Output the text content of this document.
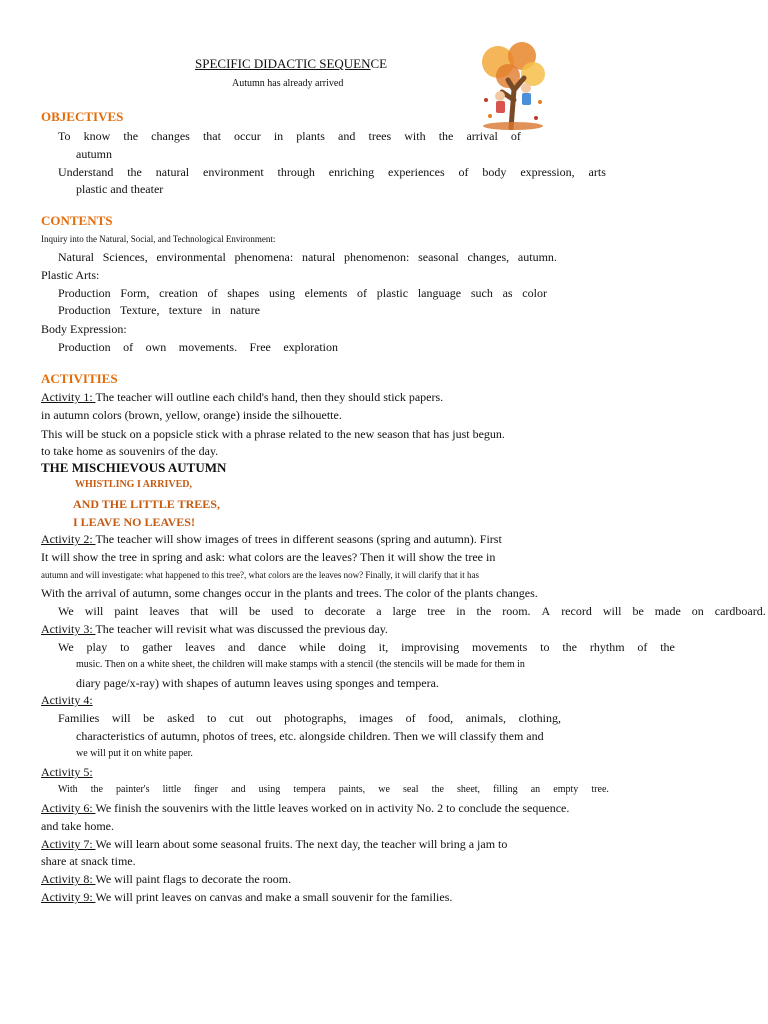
SPECIFIC DIDACTIC SEQUENCE
Autumn has already arrived
OBJECTIVES
To know the changes that occur in plants and trees with the arrival of
autumn
Understand the natural environment through enriching experiences of body expression, arts
plastic and theater
CONTENTS
Inquiry into the Natural, Social, and Technological Environment:
Natural Sciences, environmental phenomena: natural phenomenon: seasonal changes, autumn.
Plastic Arts:
Production Form, creation of shapes using elements of plastic language such as color
Production Texture, texture in nature
Body Expression:
Production of own movements. Free exploration
ACTIVITIES
Activity 1: The teacher will outline each child's hand, then they should stick papers.
in autumn colors (brown, yellow, orange) inside the silhouette.
This will be stuck on a popsicle stick with a phrase related to the new season that has just begun.
to take home as souvenirs of the day.
THE MISCHIEVOUS AUTUMN
WHISTLING I ARRIVED,
AND THE LITTLE TREES,
I LEAVE NO LEAVES!
Activity 2: The teacher will show images of trees in different seasons (spring and autumn). First
It will show the tree in spring and ask: what colors are the leaves? Then it will show the tree in
autumn and will investigate: what happened to this tree?, what colors are the leaves now? Finally, it will clarify that it has
With the arrival of autumn, some changes occur in the plants and trees. The color of the plants changes.
We will paint leaves that will be used to decorate a large tree in the room. A record will be made on cardboard.
Activity 3: The teacher will revisit what was discussed the previous day.
We play to gather leaves and dance while doing it, improvising movements to the rhythm of the
music. Then on a white sheet, the children will make stamps with a stencil (the stencils will be made for them in
diary page/x-ray) with shapes of autumn leaves using sponges and tempera.
Activity 4:
Families will be asked to cut out photographs, images of food, animals, clothing,
characteristics of autumn, photos of trees, etc. alongside children. Then we will classify them and
we will put it on white paper.
Activity 5:
With the painter's little finger and using tempera paints, we seal the sheet, filling an empty tree.
Activity 6: We finish the souvenirs with the little leaves worked on in activity No. 2 to conclude the sequence.
and take home.
Activity 7: We will learn about some seasonal fruits. The next day, the teacher will bring a jam to
share at snack time.
Activity 8: We will paint flags to decorate the room.
Activity 9: We will print leaves on canvas and make a small souvenir for the families.
